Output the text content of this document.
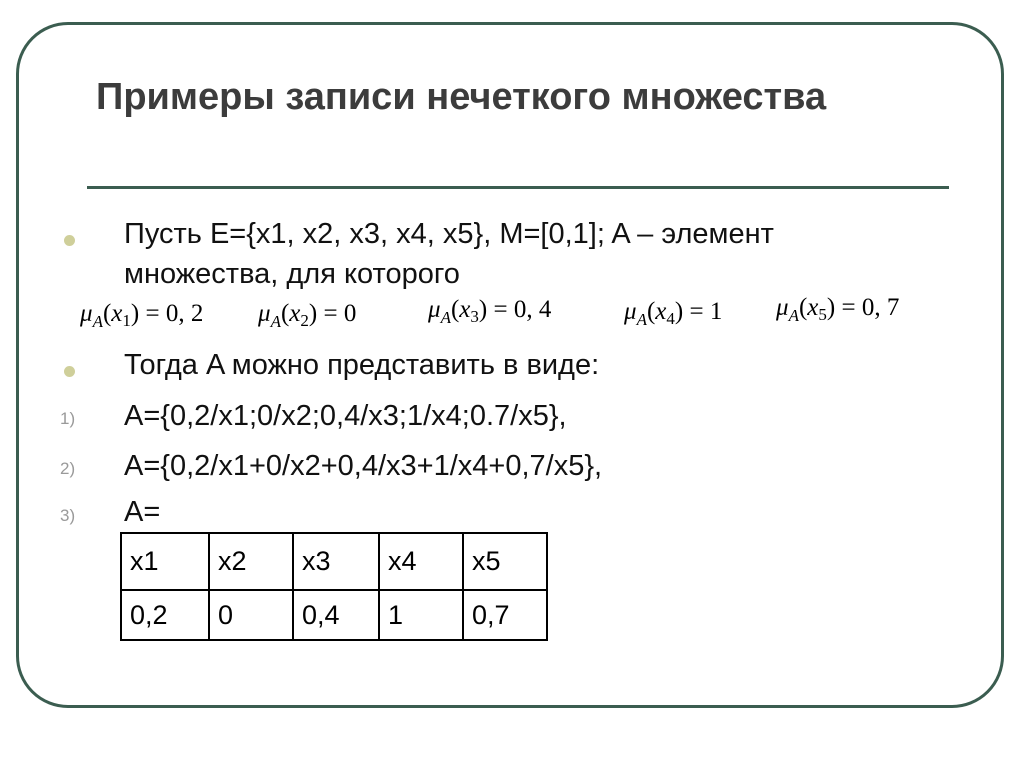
Примеры записи нечеткого множества
Пусть E={x1, x2, x3, x4, x5}, M=[0,1]; A – элемент
множества, для которого
$\mu_A(x_1) = 0$, 2 $\mu_A(x_2) = 0$	$\mu_A(x_3) = 0$, 4	$\mu_A(x_4) = 1$ $\mu_A(x_5) = 0$, 7
Тогда A можно представить в виде:
1) A={0,2/x1;0/x2;0,4/x3;1/x4;0.7/x5},
2) A={0,2/x1+0/x2+0,4/x3+1/x4+0,7/x5},
3) A=
x1	x2	x3	x4	x5
0,2	0	0,4	1	0,7
